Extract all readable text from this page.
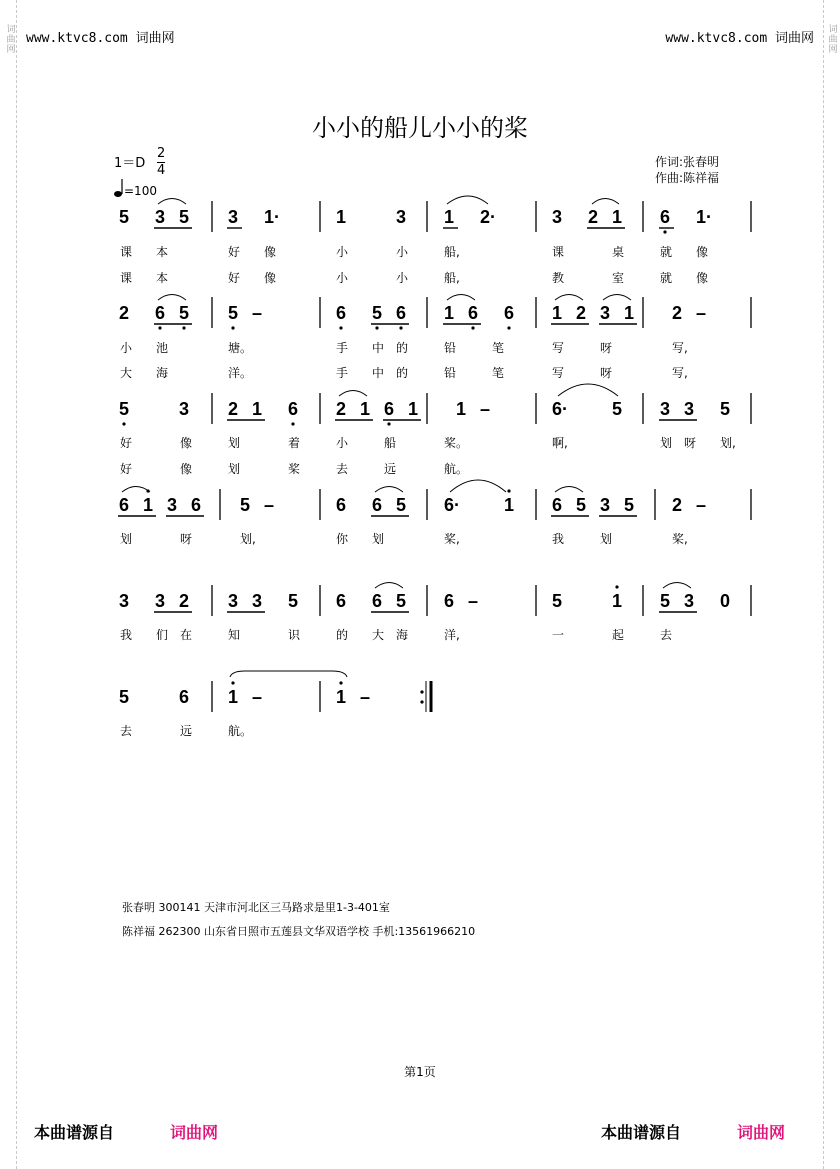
词曲网	词曲网
www.ktvc8.com 词曲网	www.ktvc8.com 词曲网
小小的船儿小小的桨
1＝D
2
4
=100
作词:张春明
作曲:陈祥福
5 3 5 3 1·	1	3 1 2·	3 2 1 6 1·
课 本	好 像	小	小	船,	课	桌	就 像
课 本	好 像	小	小	船,	教	室	就 像
2 6 5 5 –	6 5 6 1 6 6 1 2 3 1 2 –
小 池	塘。	手 中 的	铅	笔	写	呀	写,
大 海	洋。	手 中 的	铅	笔	写	呀	写,
5	3 2 1 6 2 1 6 1 1 –	6· 5 3 3 5
好	像	划	着	小	船	桨。	啊,	划 呀 划,
好	像	划	桨	去	远	航。
6 1 3 6 5 –	6 6 5 6· 1 6 5 3 5 2 –
划	呀	划,	你 划	桨,	我	划	桨,
3 3 2 3 3 5 6 6 5 6 –	5	1 5 3 0
我 们 在	知	识	的 大 海	洋,	一	起	去
5	6 1 –	1 –
去	远	航。
张春明 300141 天津市河北区三马路求是里1-3-401室
陈祥福 262300 山东省日照市五莲县文华双语学校 手机:13561966210
第1页
本曲谱源自	词曲网	本曲谱源自	词曲网
